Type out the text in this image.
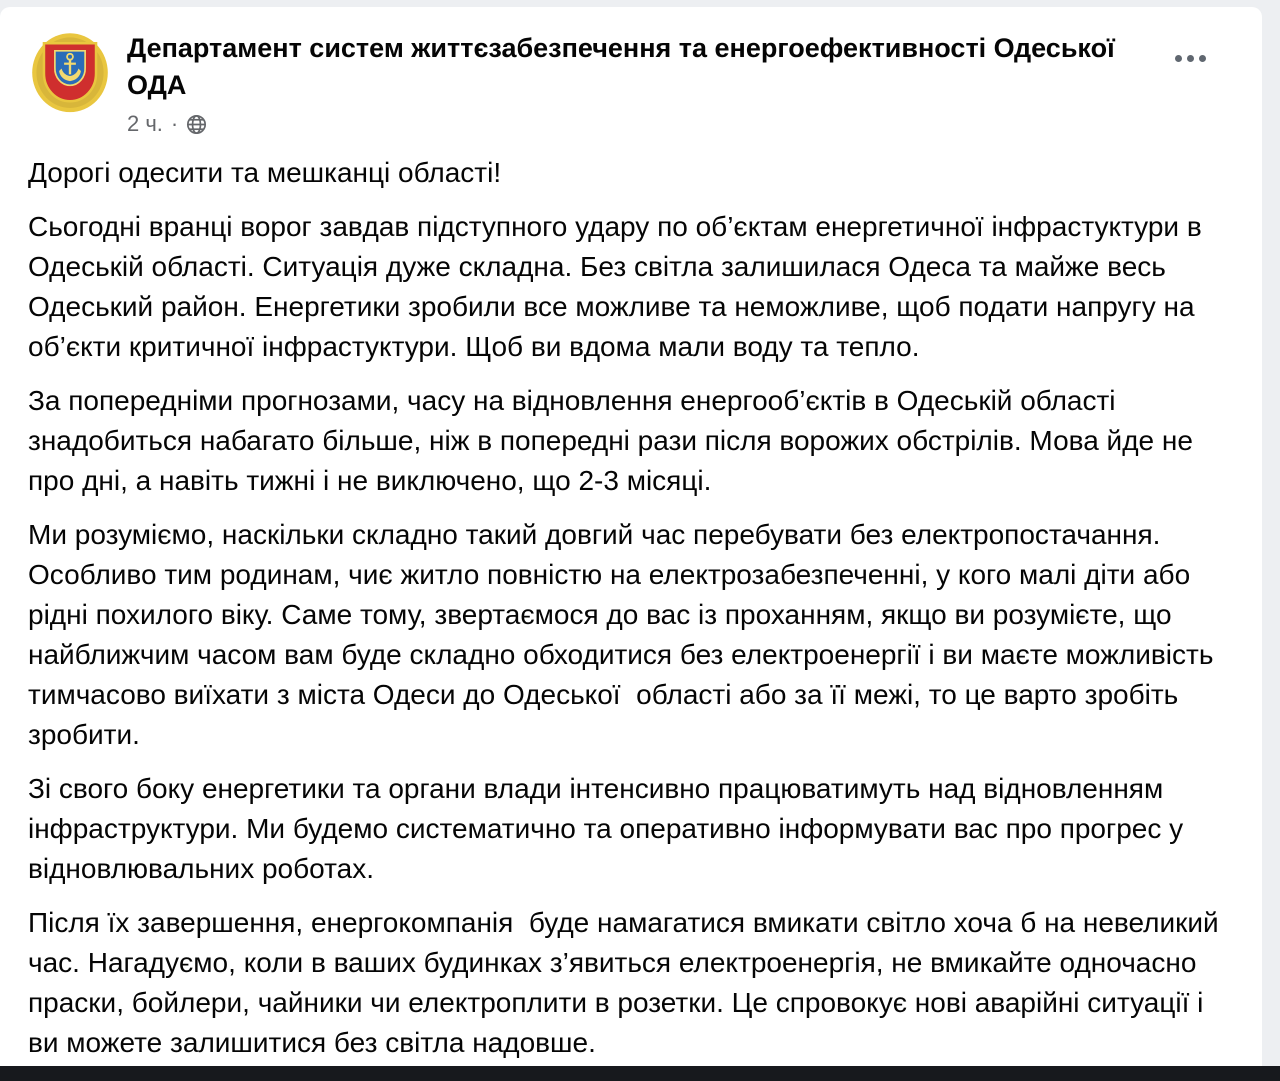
Департамент систем життєзабезпечення та енергоефективності Одеської ОДА
2 ч. ·

Дорогі одесити та мешканці області!

Сьогодні вранці ворог завдав підступного удару по об’єктам енергетичної інфрастуктури в Одеській області. Ситуація дуже складна. Без світла залишилася Одеса та майже весь Одеський район. Енергетики зробили все можливе та неможливе, щоб подати напругу на об’єкти критичної інфрастуктури. Щоб ви вдома мали воду та тепло.

За попередніми прогнозами, часу на відновлення енергооб’єктів в Одеській області знадобиться набагато більше, ніж в попередні рази після ворожих обстрілів. Мова йде не про дні, а навіть тижні і не виключено, що 2-3 місяці.

Ми розуміємо, наскільки складно такий довгий час перебувати без електропостачання. Особливо тим родинам, чиє житло повністю на електрозабезпеченні, у кого малі діти або рідні похилого віку. Саме тому, звертаємося до вас із проханням, якщо ви розумієте, що найближчим часом вам буде складно обходитися без електроенергії і ви маєте можливість тимчасово виїхати з міста Одеси до Одеської  області або за її межі, то це варто зробіть зробити.

Зі свого боку енергетики та органи влади інтенсивно працюватимуть над відновленням інфраструктури. Ми будемо систематично та оперативно інформувати вас про прогрес у відновлювальних роботах.

Після їх завершення, енергокомпанія  буде намагатися вмикати світло хоча б на невеликий час. Нагадуємо, коли в ваших будинках з’явиться електроенергія, не вмикайте одночасно праски, бойлери, чайники чи електроплити в розетки. Це спровокує нові аварійні ситуації і ви можете залишитися без світла надовше.
